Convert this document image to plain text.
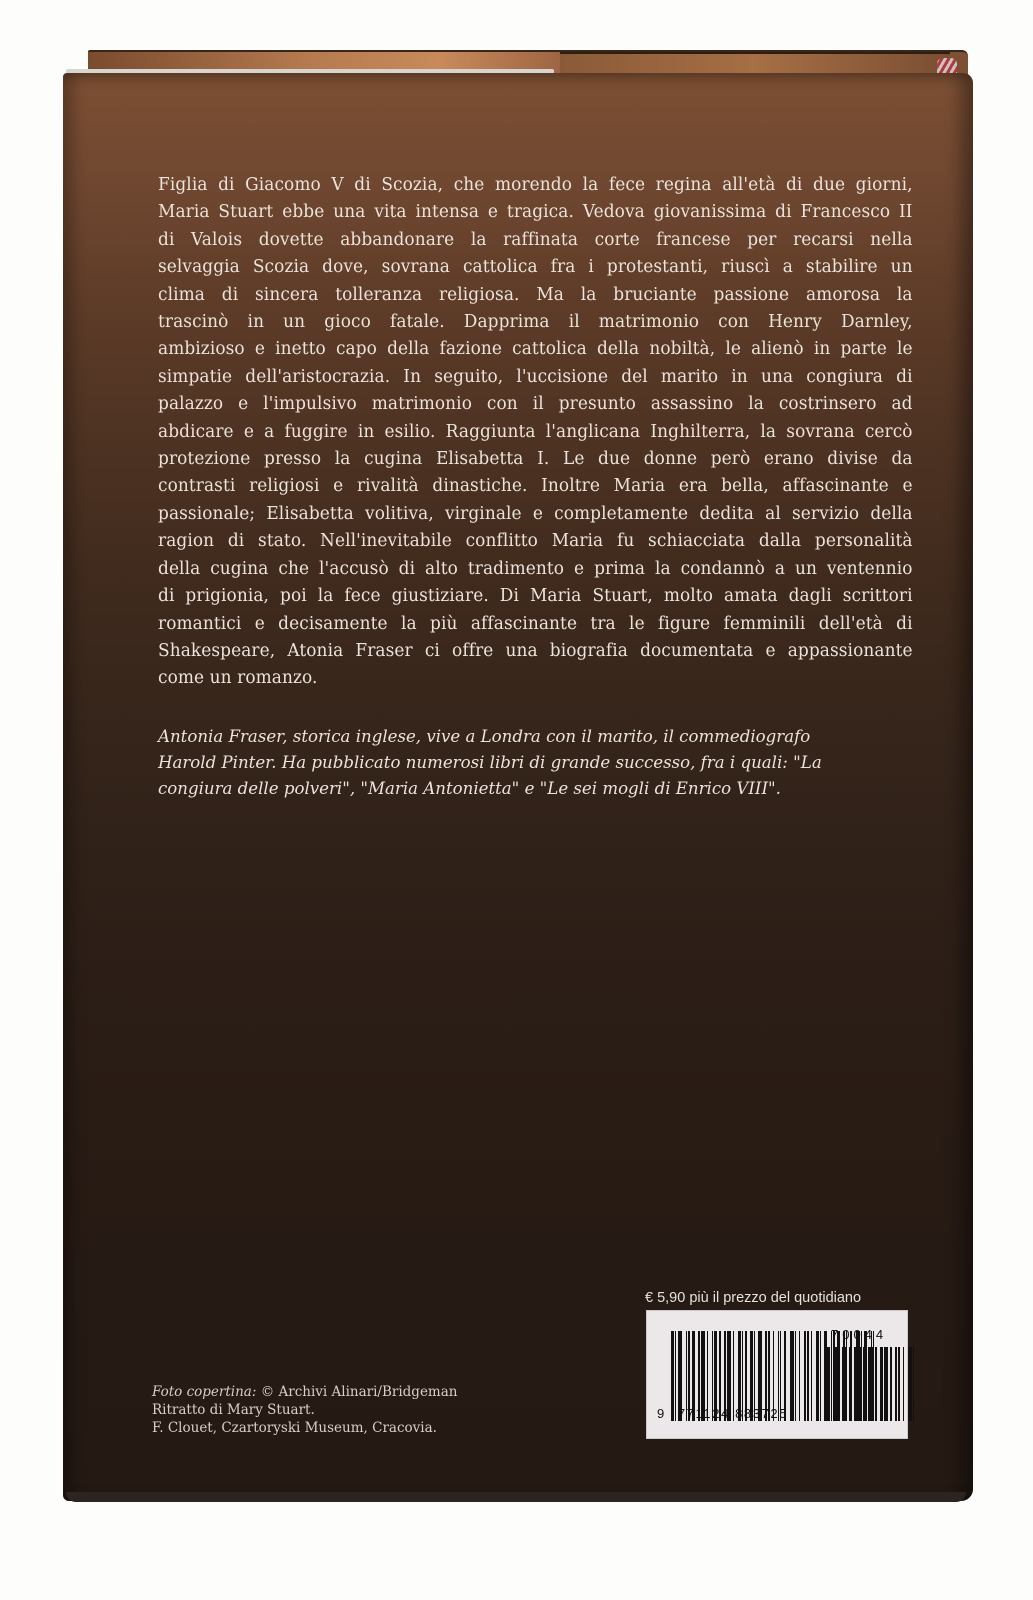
Figlia di Giacomo V di Scozia, che morendo la fece regina all'età di due giorni,
Maria Stuart ebbe una vita intensa e tragica. Vedova giovanissima di Francesco II
di Valois dovette abbandonare la raffinata corte francese per recarsi nella
selvaggia Scozia dove, sovrana cattolica fra i protestanti, riuscì a stabilire un
clima di sincera tolleranza religiosa. Ma la bruciante passione amorosa la
trascinò in un gioco fatale. Dapprima il matrimonio con Henry Darnley,
ambizioso e inetto capo della fazione cattolica della nobiltà, le alienò in parte le
simpatie dell'aristocrazia. In seguito, l'uccisione del marito in una congiura di
palazzo e l'impulsivo matrimonio con il presunto assassino la costrinsero ad
abdicare e a fuggire in esilio. Raggiunta l'anglicana Inghilterra, la sovrana cercò
protezione presso la cugina Elisabetta I. Le due donne però erano divise da
contrasti religiosi e rivalità dinastiche. Inoltre Maria era bella, affascinante e
passionale; Elisabetta volitiva, virginale e completamente dedita al servizio della
ragion di stato. Nell'inevitabile conflitto Maria fu schiacciata dalla personalità
della cugina che l'accusò di alto tradimento e prima la condannò a un ventennio
di prigionia, poi la fece giustiziare. Di Maria Stuart, molto amata dagli scrittori
romantici e decisamente la più affascinante tra le figure femminili dell'età di
Shakespeare, Atonia Fraser ci offre una biografia documentata e appassionante
come un romanzo.
Antonia Fraser, storica inglese, vive a Londra con il marito, il commediografo
Harold Pinter. Ha pubblicato numerosi libri di grande successo, fra i quali: "La
congiura delle polveri", "Maria Antonietta" e "Le sei mogli di Enrico VIII".
Foto copertina: © Archivi Alinari/Bridgeman
Ritratto di Mary Stuart.
F. Clouet, Czartoryski Museum, Cracovia.
€ 5,90 più il prezzo del quotidiano
70044
9 771124 883725
